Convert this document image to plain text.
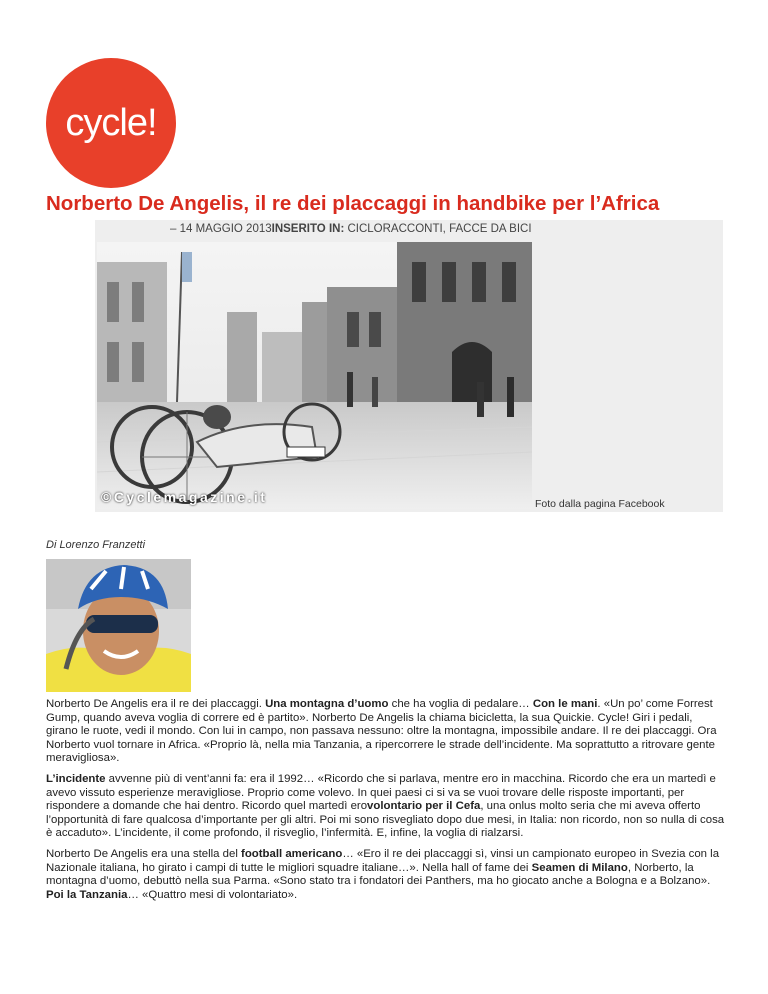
cycle!
Norberto De Angelis, il re dei placcaggi in handbike per l’Africa
– 14 MAGGIO 2013INSERITO IN: CICLORACCONTI, FACCE DA BICI
©Cyclemagazine.it	Foto dalla pagina Facebook
Di Lorenzo Franzetti

Norberto De Angelis era il re dei placcaggi. Una montagna d’uomo che ha voglia di pedalare… Con le mani. «Un po’ come Forrest Gump, quando aveva voglia di correre ed è partito». Norberto De Angelis la chiama bicicletta, la sua Quickie. Cycle! Giri i pedali, girano le ruote, vedi il mondo. Con lui in campo, non passava nessuno: oltre la montagna, impossibile andare. Il re dei placcaggi. Ora Norberto vuol tornare in Africa. «Proprio là, nella mia Tanzania, a ripercorrere le strade dell’incidente. Ma soprattutto a ritrovare gente meravigliosa».

L’incidente avvenne più di vent’anni fa: era il 1992… «Ricordo che si parlava, mentre ero in macchina. Ricordo che era un martedì e avevo vissuto esperienze meravigliose. Proprio come volevo. In quei paesi ci si va se vuoi trovare delle risposte importanti, per rispondere a domande che hai dentro. Ricordo quel martedì erovolontario per il Cefa, una onlus molto seria che mi aveva offerto l’opportunità di fare qualcosa d’importante per gli altri. Poi mi sono risvegliato dopo due mesi, in Italia: non ricordo, non so nulla di cosa è accaduto». L’incidente, il come profondo, il risveglio, l’infermità. E, infine, la voglia di rialzarsi.

Norberto De Angelis era una stella del football americano… «Ero il re dei placcaggi sì, vinsi un campionato europeo in Svezia con la Nazionale italiana, ho girato i campi di tutte le migliori squadre italiane…». Nella hall of fame dei Seamen di Milano, Norberto, la montagna d’uomo, debuttò nella sua Parma. «Sono stato tra i fondatori dei Panthers, ma ho giocato anche a Bologna e a Bolzano». Poi la Tanzania… «Quattro mesi di volontariato».
